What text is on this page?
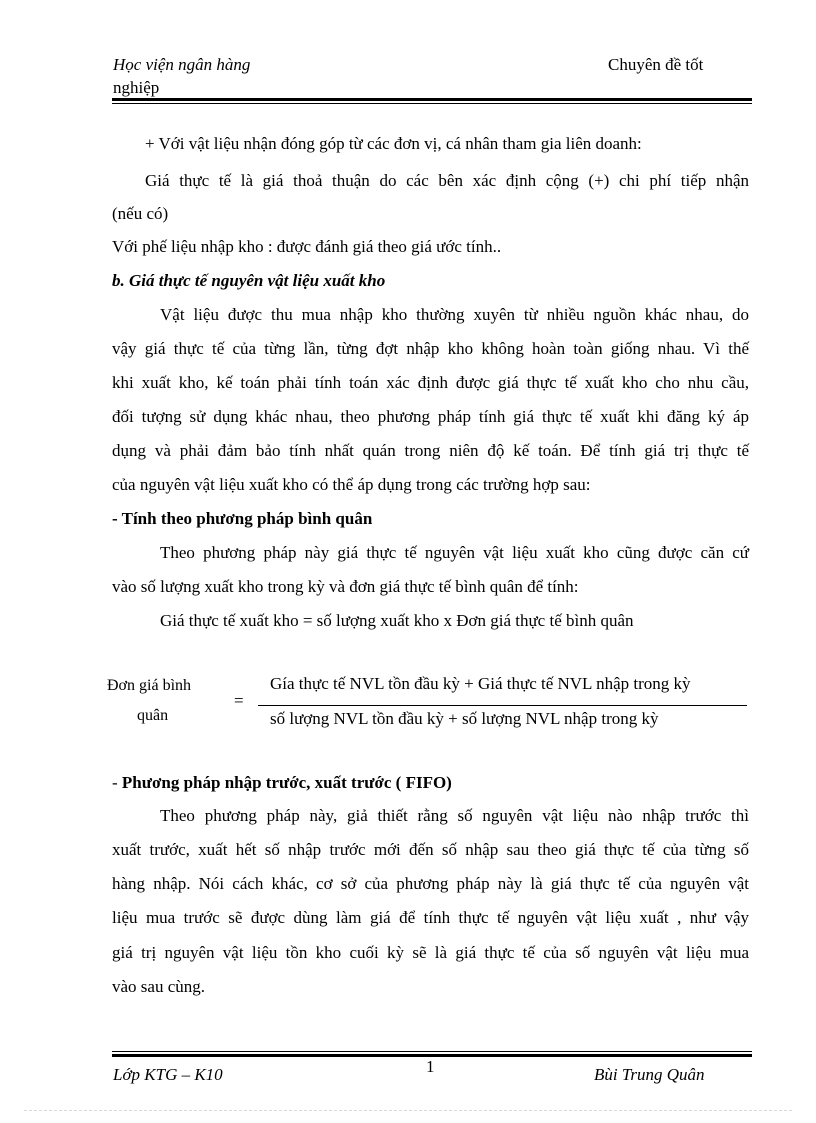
Học viện ngân hàng
nghiệp
Chuyên đề tốt
+ Với vật liệu nhận đóng góp từ các đơn vị, cá nhân tham gia liên doanh:
Giá thực tế là giá thoả thuận do các bên xác định cộng (+) chi phí tiếp nhận
(nếu có)
Với phế liệu nhập kho : được đánh giá theo giá ước tính..
b. Giá thực tế nguyên vật liệu xuất kho
Vật liệu được thu mua nhập kho thường xuyên từ nhiều nguồn khác nhau, do
vậy giá thực tế của từng lần, từng đợt nhập kho không hoàn toàn giống nhau. Vì thế
khi xuất kho, kế toán phải tính toán xác định được giá thực tế xuất kho cho nhu cầu,
đối tượng sử dụng khác nhau, theo phương pháp tính giá thực tế xuất khi đăng ký áp
dụng và phải đảm bảo tính nhất quán trong niên độ kế toán. Để tính giá trị thực tế
của nguyên vật liệu xuất kho có thể áp dụng trong các trường hợp sau:
- Tính theo phương pháp bình quân
Theo phương pháp này giá thực tế nguyên vật liệu xuất kho cũng được căn cứ
vào số lượng xuất kho trong kỳ và đơn giá thực tế bình quân để tính:
Giá thực tế xuất kho = số lượng xuất kho x Đơn giá thực tế bình quân
Đơn giá bình
quân
=
Gía thực tế NVL tồn đầu kỳ + Giá thực tế NVL nhập trong kỳ
số lượng NVL tồn đầu kỳ + số lượng NVL nhập trong kỳ
- Phương pháp nhập trước, xuất trước ( FIFO)
Theo phương pháp này, giả thiết rằng số nguyên vật liệu nào nhập trước thì
xuất trước, xuất hết số nhập trước mới đến số nhập sau theo giá thực tế của từng số
hàng nhập. Nói cách khác, cơ sở của phương pháp này là giá thực tế của nguyên vật
liệu mua trước sẽ được dùng làm giá để tính thực tế nguyên vật liệu xuất , như vậy
giá trị nguyên vật liệu tồn kho cuối kỳ sẽ là giá thực tế của số nguyên vật liệu mua
vào sau cùng.
Lớp KTG – K10	1	Bùi Trung Quân
